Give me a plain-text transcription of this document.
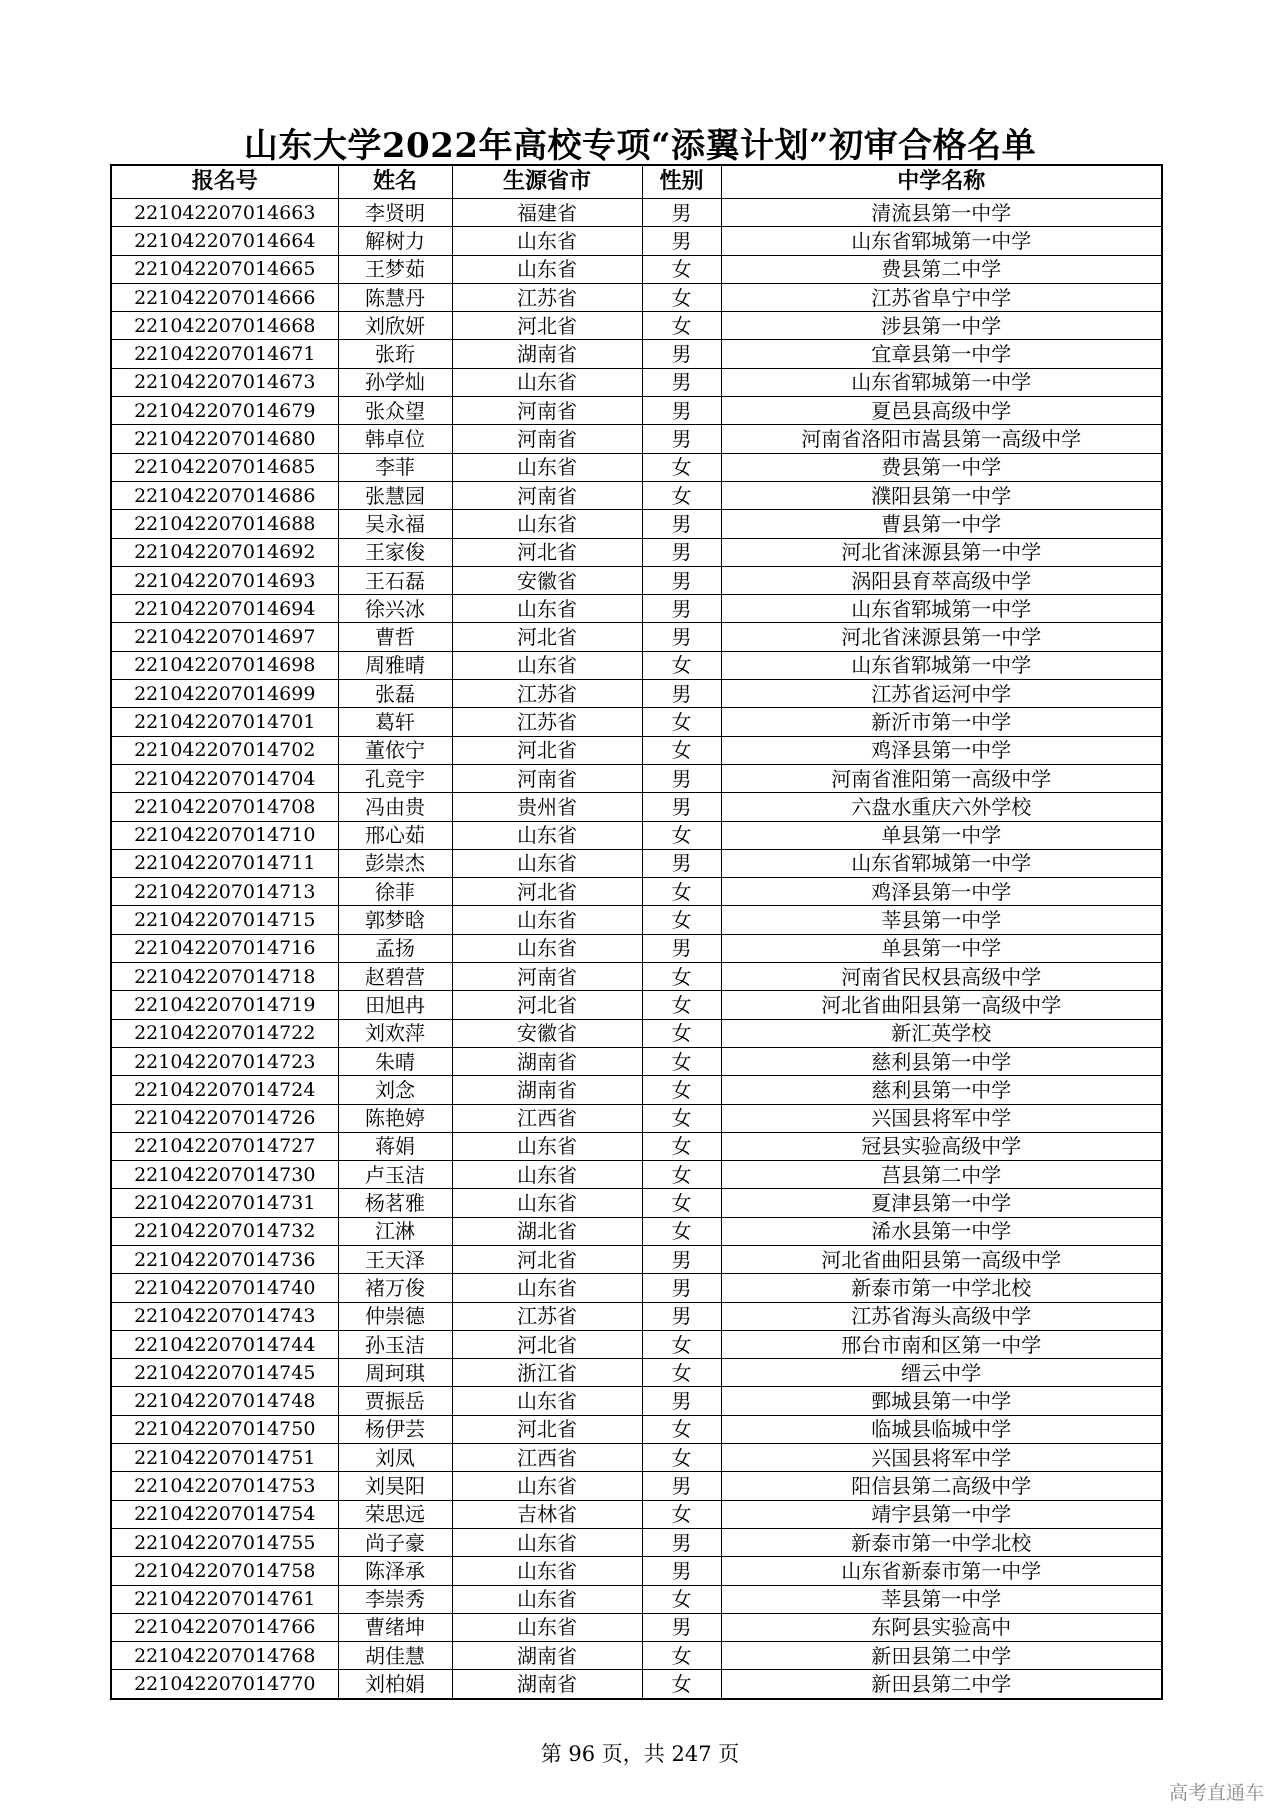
山东大学2022年高校专项“添翼计划”初审合格名单
报名号	姓名	生源省市	性别	中学名称
221042207014663	李贤明	福建省	男	清流县第一中学
221042207014664	解树力	山东省	男	山东省郓城第一中学
221042207014665	王梦茹	山东省	女	费县第二中学
221042207014666	陈慧丹	江苏省	女	江苏省阜宁中学
221042207014668	刘欣妍	河北省	女	涉县第一中学
221042207014671	张珩	湖南省	男	宜章县第一中学
221042207014673	孙学灿	山东省	男	山东省郓城第一中学
221042207014679	张众望	河南省	男	夏邑县高级中学
221042207014680	韩卓位	河南省	男	河南省洛阳市嵩县第一高级中学
221042207014685	李菲	山东省	女	费县第一中学
221042207014686	张慧园	河南省	女	濮阳县第一中学
221042207014688	吴永福	山东省	男	曹县第一中学
221042207014692	王家俊	河北省	男	河北省涞源县第一中学
221042207014693	王石磊	安徽省	男	涡阳县育萃高级中学
221042207014694	徐兴冰	山东省	男	山东省郓城第一中学
221042207014697	曹哲	河北省	男	河北省涞源县第一中学
221042207014698	周雅晴	山东省	女	山东省郓城第一中学
221042207014699	张磊	江苏省	男	江苏省运河中学
221042207014701	葛轩	江苏省	女	新沂市第一中学
221042207014702	董依宁	河北省	女	鸡泽县第一中学
221042207014704	孔竞宇	河南省	男	河南省淮阳第一高级中学
221042207014708	冯由贵	贵州省	男	六盘水重庆六外学校
221042207014710	邢心茹	山东省	女	单县第一中学
221042207014711	彭崇杰	山东省	男	山东省郓城第一中学
221042207014713	徐菲	河北省	女	鸡泽县第一中学
221042207014715	郭梦晗	山东省	女	莘县第一中学
221042207014716	孟扬	山东省	男	单县第一中学
221042207014718	赵碧营	河南省	女	河南省民权县高级中学
221042207014719	田旭冉	河北省	女	河北省曲阳县第一高级中学
221042207014722	刘欢萍	安徽省	女	新汇英学校
221042207014723	朱晴	湖南省	女	慈利县第一中学
221042207014724	刘念	湖南省	女	慈利县第一中学
221042207014726	陈艳婷	江西省	女	兴国县将军中学
221042207014727	蒋娟	山东省	女	冠县实验高级中学
221042207014730	卢玉洁	山东省	女	莒县第二中学
221042207014731	杨茗雅	山东省	女	夏津县第一中学
221042207014732	江淋	湖北省	女	浠水县第一中学
221042207014736	王天泽	河北省	男	河北省曲阳县第一高级中学
221042207014740	褚万俊	山东省	男	新泰市第一中学北校
221042207014743	仲崇德	江苏省	男	江苏省海头高级中学
221042207014744	孙玉洁	河北省	女	邢台市南和区第一中学
221042207014745	周珂琪	浙江省	女	缙云中学
221042207014748	贾振岳	山东省	男	鄄城县第一中学
221042207014750	杨伊芸	河北省	女	临城县临城中学
221042207014751	刘凤	江西省	女	兴国县将军中学
221042207014753	刘昊阳	山东省	男	阳信县第二高级中学
221042207014754	荣思远	吉林省	女	靖宇县第一中学
221042207014755	尚子豪	山东省	男	新泰市第一中学北校
221042207014758	陈泽承	山东省	男	山东省新泰市第一中学
221042207014761	李崇秀	山东省	女	莘县第一中学
221042207014766	曹绪坤	山东省	男	东阿县实验高中
221042207014768	胡佳慧	湖南省	女	新田县第二中学
221042207014770	刘柏娟	湖南省	女	新田县第二中学
第 96 页，共 247 页
高考直通车
